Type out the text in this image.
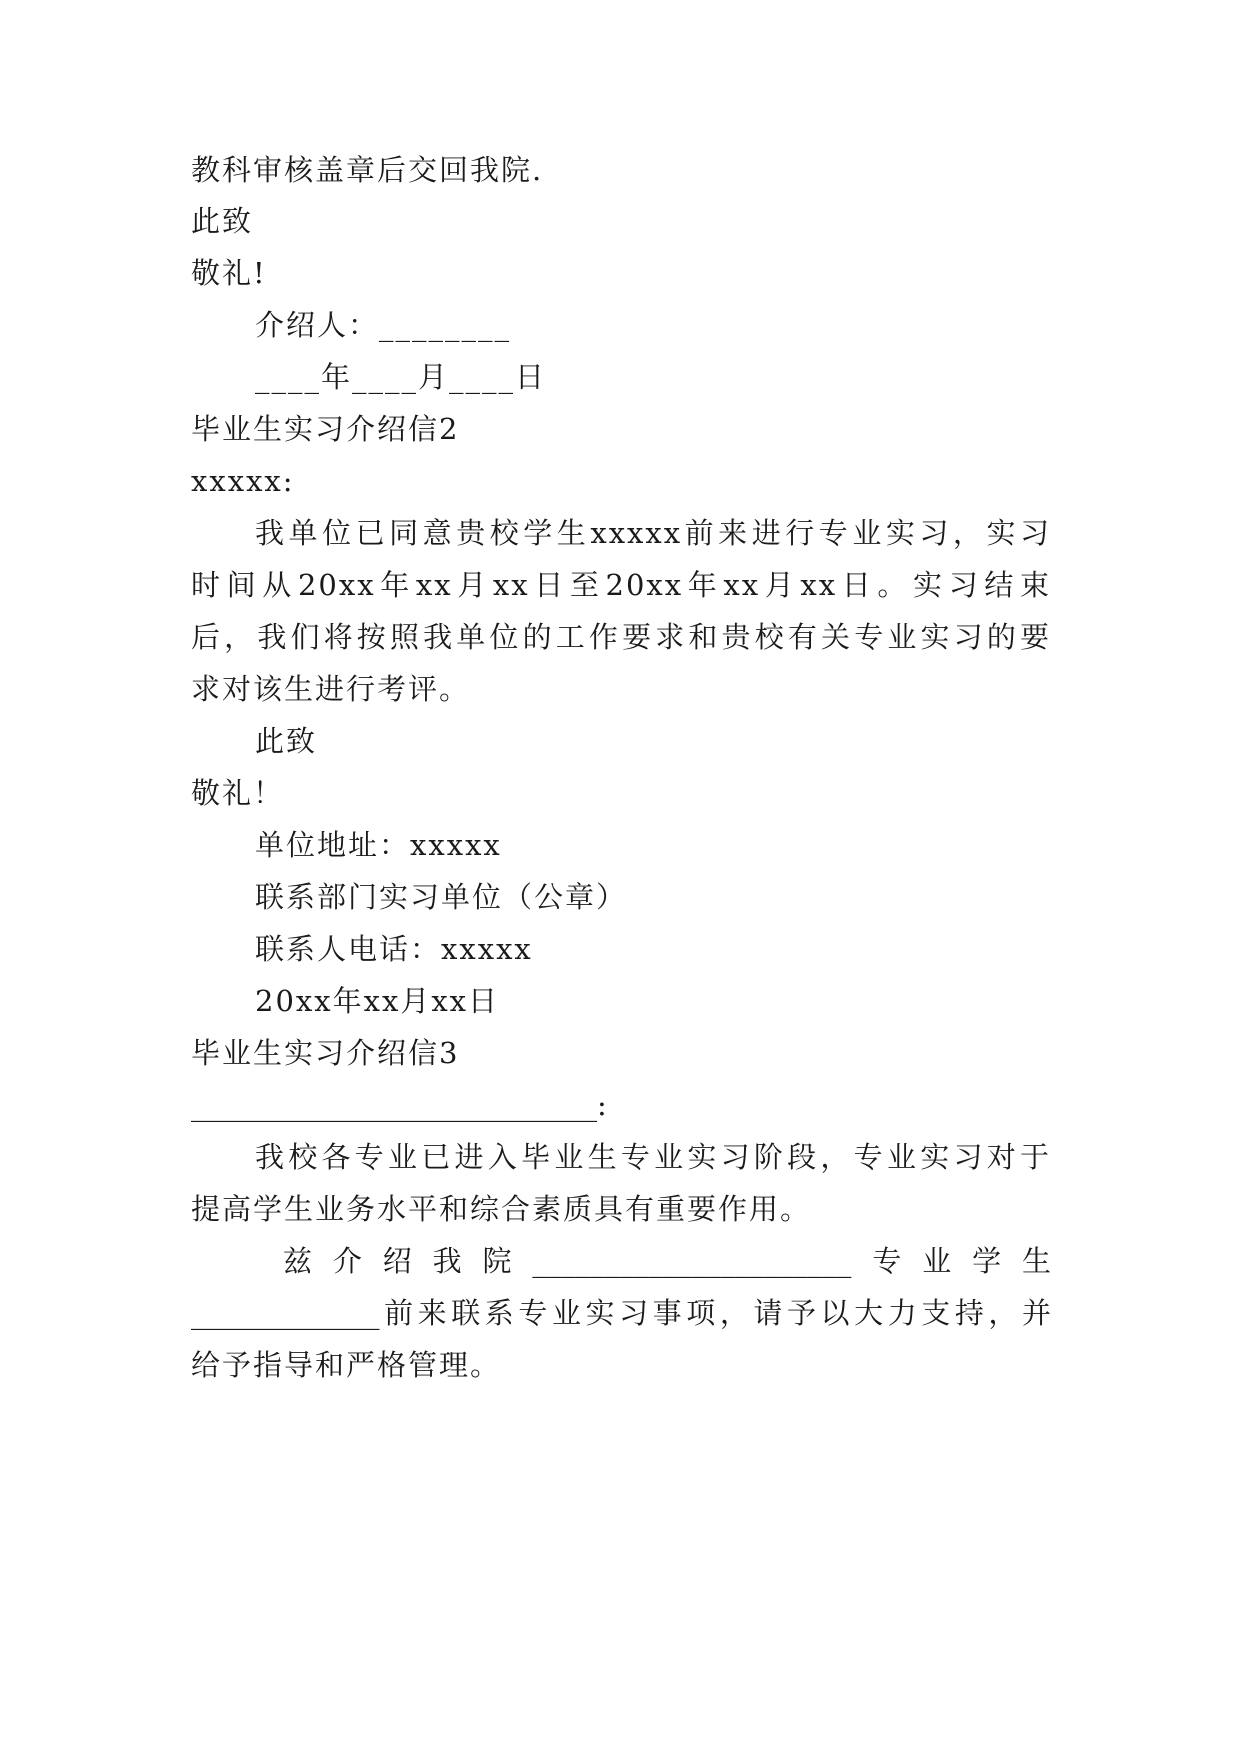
教科审核盖章后交回我院.
此致
敬礼!
介绍人：________
____年____月____日
毕业生实习介绍信2
xxxxx:
我单位已同意贵校学生xxxxx前来进行专业实习，实习
时间从20xx年xx月xx日至20xx年xx月xx日。实习结束
后，我们将按照我单位的工作要求和贵校有关专业实习的要
求对该生进行考评。
此致
敬礼！
单位地址：xxxxx
联系部门实习单位（公章）
联系人电话：xxxxx
20xx年xx月xx日
毕业生实习介绍信3
____________________________:
我校各专业已进入毕业生专业实习阶段，专业实习对于
提高学生业务水平和综合素质具有重要作用。
兹介绍我院______________________专业学生
_____________前来联系专业实习事项，请予以大力支持，并
给予指导和严格管理。
